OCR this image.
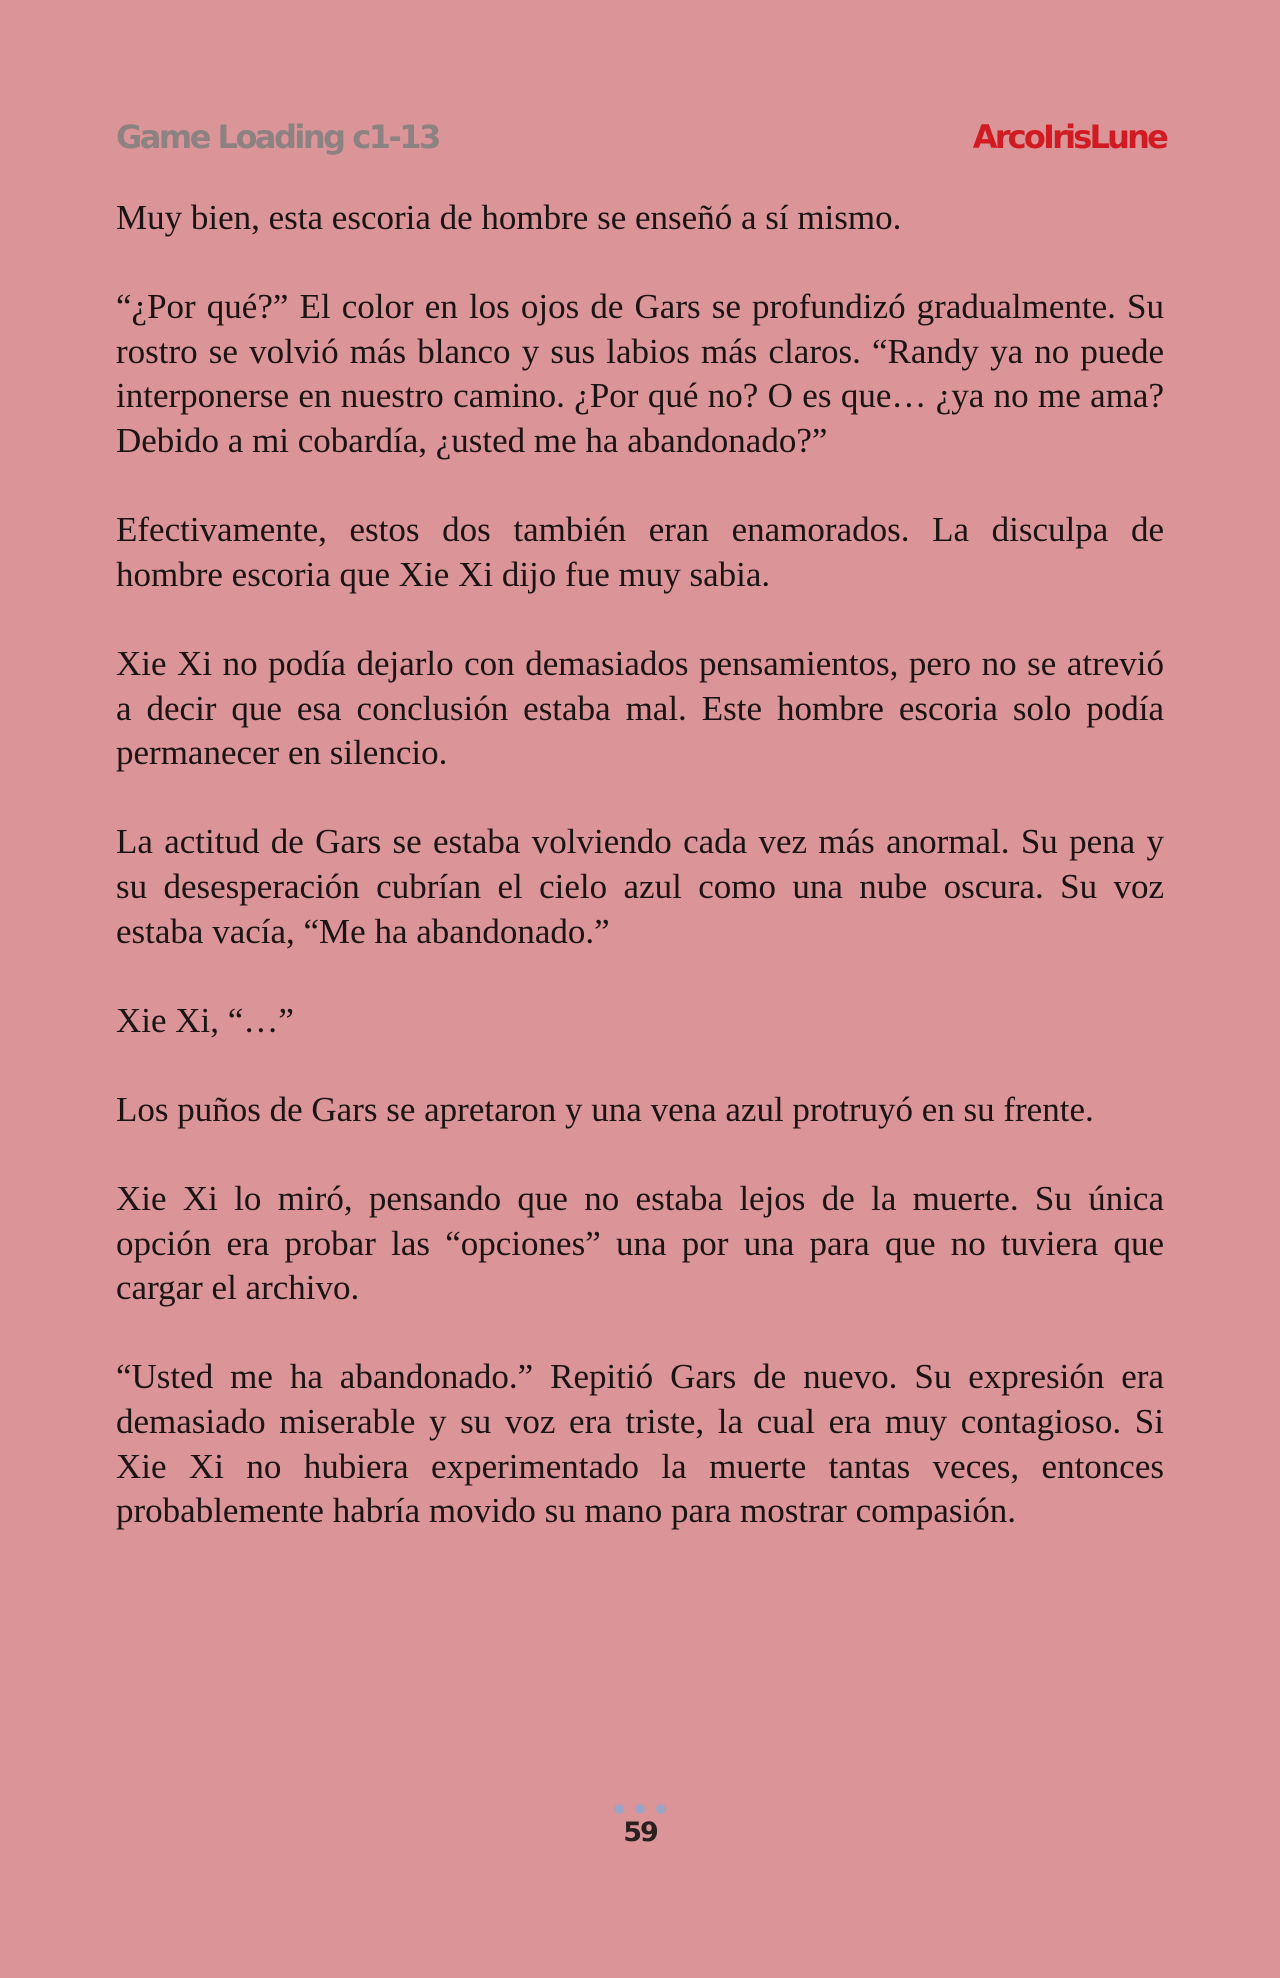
Game Loading c1-13	ArcoIrisLune

Muy bien, esta escoria de hombre se enseñó a sí mismo.

“¿Por qué?” El color en los ojos de Gars se profundizó gradualmente. Su rostro se volvió más blanco y sus labios más claros. “Randy ya no puede interponerse en nuestro camino. ¿Por qué no? O es que… ¿ya no me ama? Debido a mi cobardía, ¿usted me ha abandonado?”

Efectivamente, estos dos también eran enamorados. La disculpa de hombre escoria que Xie Xi dijo fue muy sabia.

Xie Xi no podía dejarlo con demasiados pensamientos, pero no se atrevió a decir que esa conclusión estaba mal. Este hombre escoria solo podía permanecer en silencio.

La actitud de Gars se estaba volviendo cada vez más anormal. Su pena y su desesperación cubrían el cielo azul como una nube oscura. Su voz estaba vacía, “Me ha abandonado.”

Xie Xi, “…”

Los puños de Gars se apretaron y una vena azul protruyó en su frente.

Xie Xi lo miró, pensando que no estaba lejos de la muerte. Su única opción era probar las “opciones” una por una para que no tuviera que cargar el archivo.

“Usted me ha abandonado.” Repitió Gars de nuevo. Su expresión era demasiado miserable y su voz era triste, la cual era muy contagioso. Si Xie Xi no hubiera experimentado la muerte tantas veces, entonces probablemente habría movido su mano para mostrar compasión.

59
